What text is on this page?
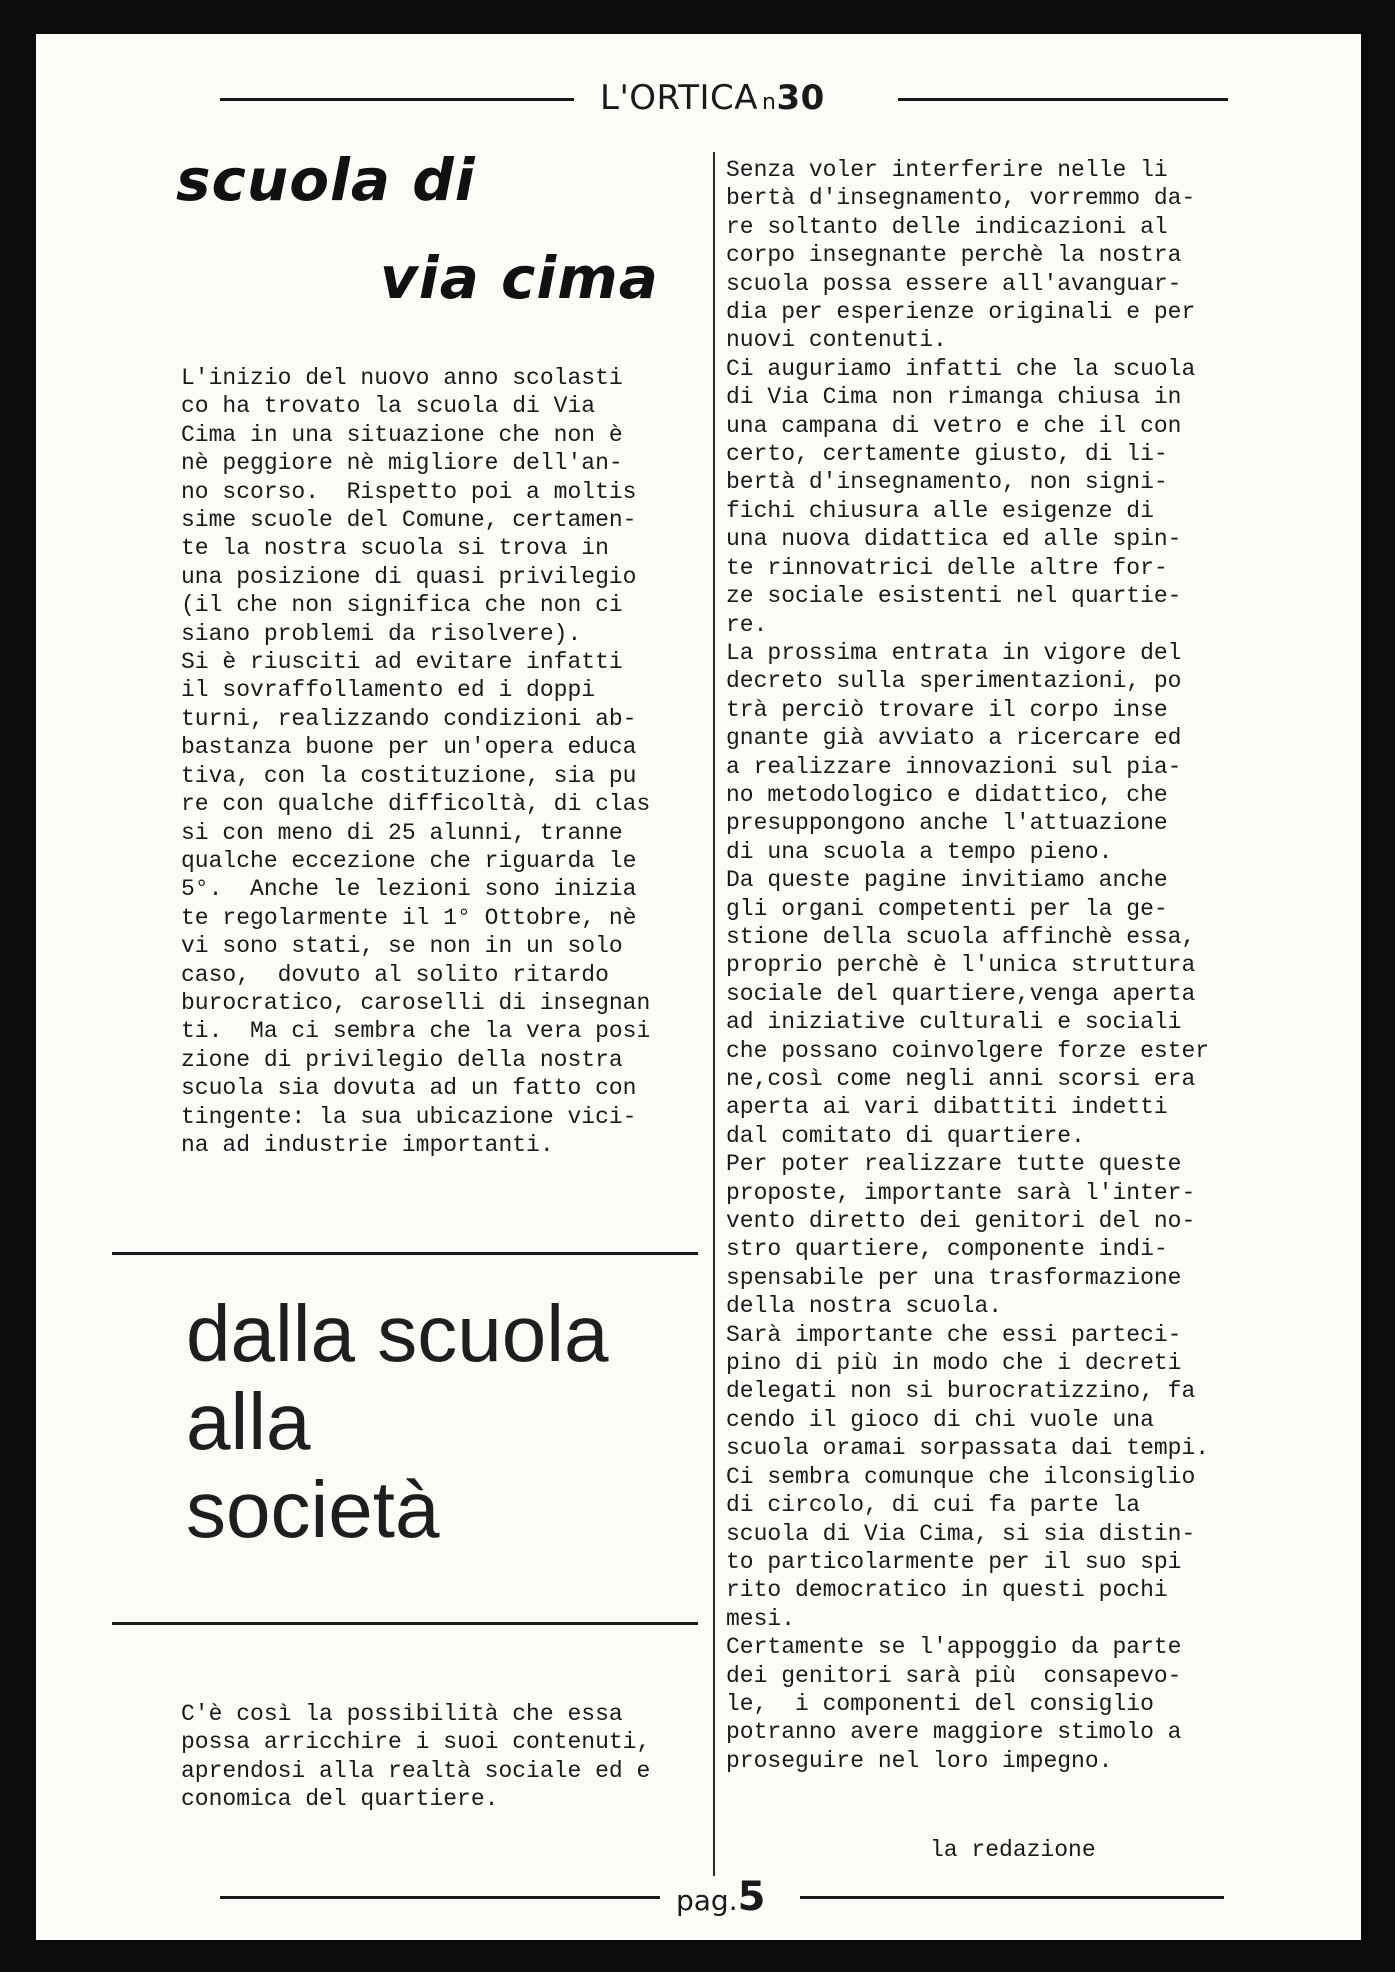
L'ORTICA n30
scuola di
via cima
L'inizio del nuovo anno scolasti
co ha trovato la scuola di Via
Cima in una situazione che non è
nè peggiore nè migliore dell'an-
no scorso.  Rispetto poi a moltis
sime scuole del Comune, certamen-
te la nostra scuola si trova in
una posizione di quasi privilegio
(il che non significa che non ci
siano problemi da risolvere).
Si è riusciti ad evitare infatti
il sovraffollamento ed i doppi
turni, realizzando condizioni ab-
bastanza buone per un'opera educa
tiva, con la costituzione, sia pu
re con qualche difficoltà, di clas
si con meno di 25 alunni, tranne
qualche eccezione che riguarda le
5°.  Anche le lezioni sono inizia
te regolarmente il 1° Ottobre, nè
vi sono stati, se non in un solo
caso,  dovuto al solito ritardo
burocratico, caroselli di insegnan
ti.  Ma ci sembra che la vera posi
zione di privilegio della nostra
scuola sia dovuta ad un fatto con
tingente: la sua ubicazione vici-
na ad industrie importanti.
dalla scuola
alla
società
C'è così la possibilità che essa
possa arricchire i suoi contenuti,
aprendosi alla realtà sociale ed e
conomica del quartiere.
Senza voler interferire nelle li
bertà d'insegnamento, vorremmo da-
re soltanto delle indicazioni al
corpo insegnante perchè la nostra
scuola possa essere all'avanguar-
dia per esperienze originali e per
nuovi contenuti.
Ci auguriamo infatti che la scuola
di Via Cima non rimanga chiusa in
una campana di vetro e che il con
certo, certamente giusto, di li-
bertà d'insegnamento, non signi-
fichi chiusura alle esigenze di
una nuova didattica ed alle spin-
te rinnovatrici delle altre for-
ze sociale esistenti nel quartie-
re.
La prossima entrata in vigore del
decreto sulla sperimentazioni, po
trà perciò trovare il corpo inse
gnante già avviato a ricercare ed
a realizzare innovazioni sul pia-
no metodologico e didattico, che
presuppongono anche l'attuazione
di una scuola a tempo pieno.
Da queste pagine invitiamo anche
gli organi competenti per la ge-
stione della scuola affinchè essa,
proprio perchè è l'unica struttura
sociale del quartiere,venga aperta
ad iniziative culturali e sociali
che possano coinvolgere forze ester
ne,così come negli anni scorsi era
aperta ai vari dibattiti indetti
dal comitato di quartiere.
Per poter realizzare tutte queste
proposte, importante sarà l'inter-
vento diretto dei genitori del no-
stro quartiere, componente indi-
spensabile per una trasformazione
della nostra scuola.
Sarà importante che essi parteci-
pino di più in modo che i decreti
delegati non si burocratizzino, fa
cendo il gioco di chi vuole una
scuola oramai sorpassata dai tempi.
Ci sembra comunque che ilconsiglio
di circolo, di cui fa parte la
scuola di Via Cima, si sia distin-
to particolarmente per il suo spi
rito democratico in questi pochi
mesi.
Certamente se l'appoggio da parte
dei genitori sarà più  consapevo-
le,  i componenti del consiglio
potranno avere maggiore stimolo a
proseguire nel loro impegno.
la redazione
pag.5
